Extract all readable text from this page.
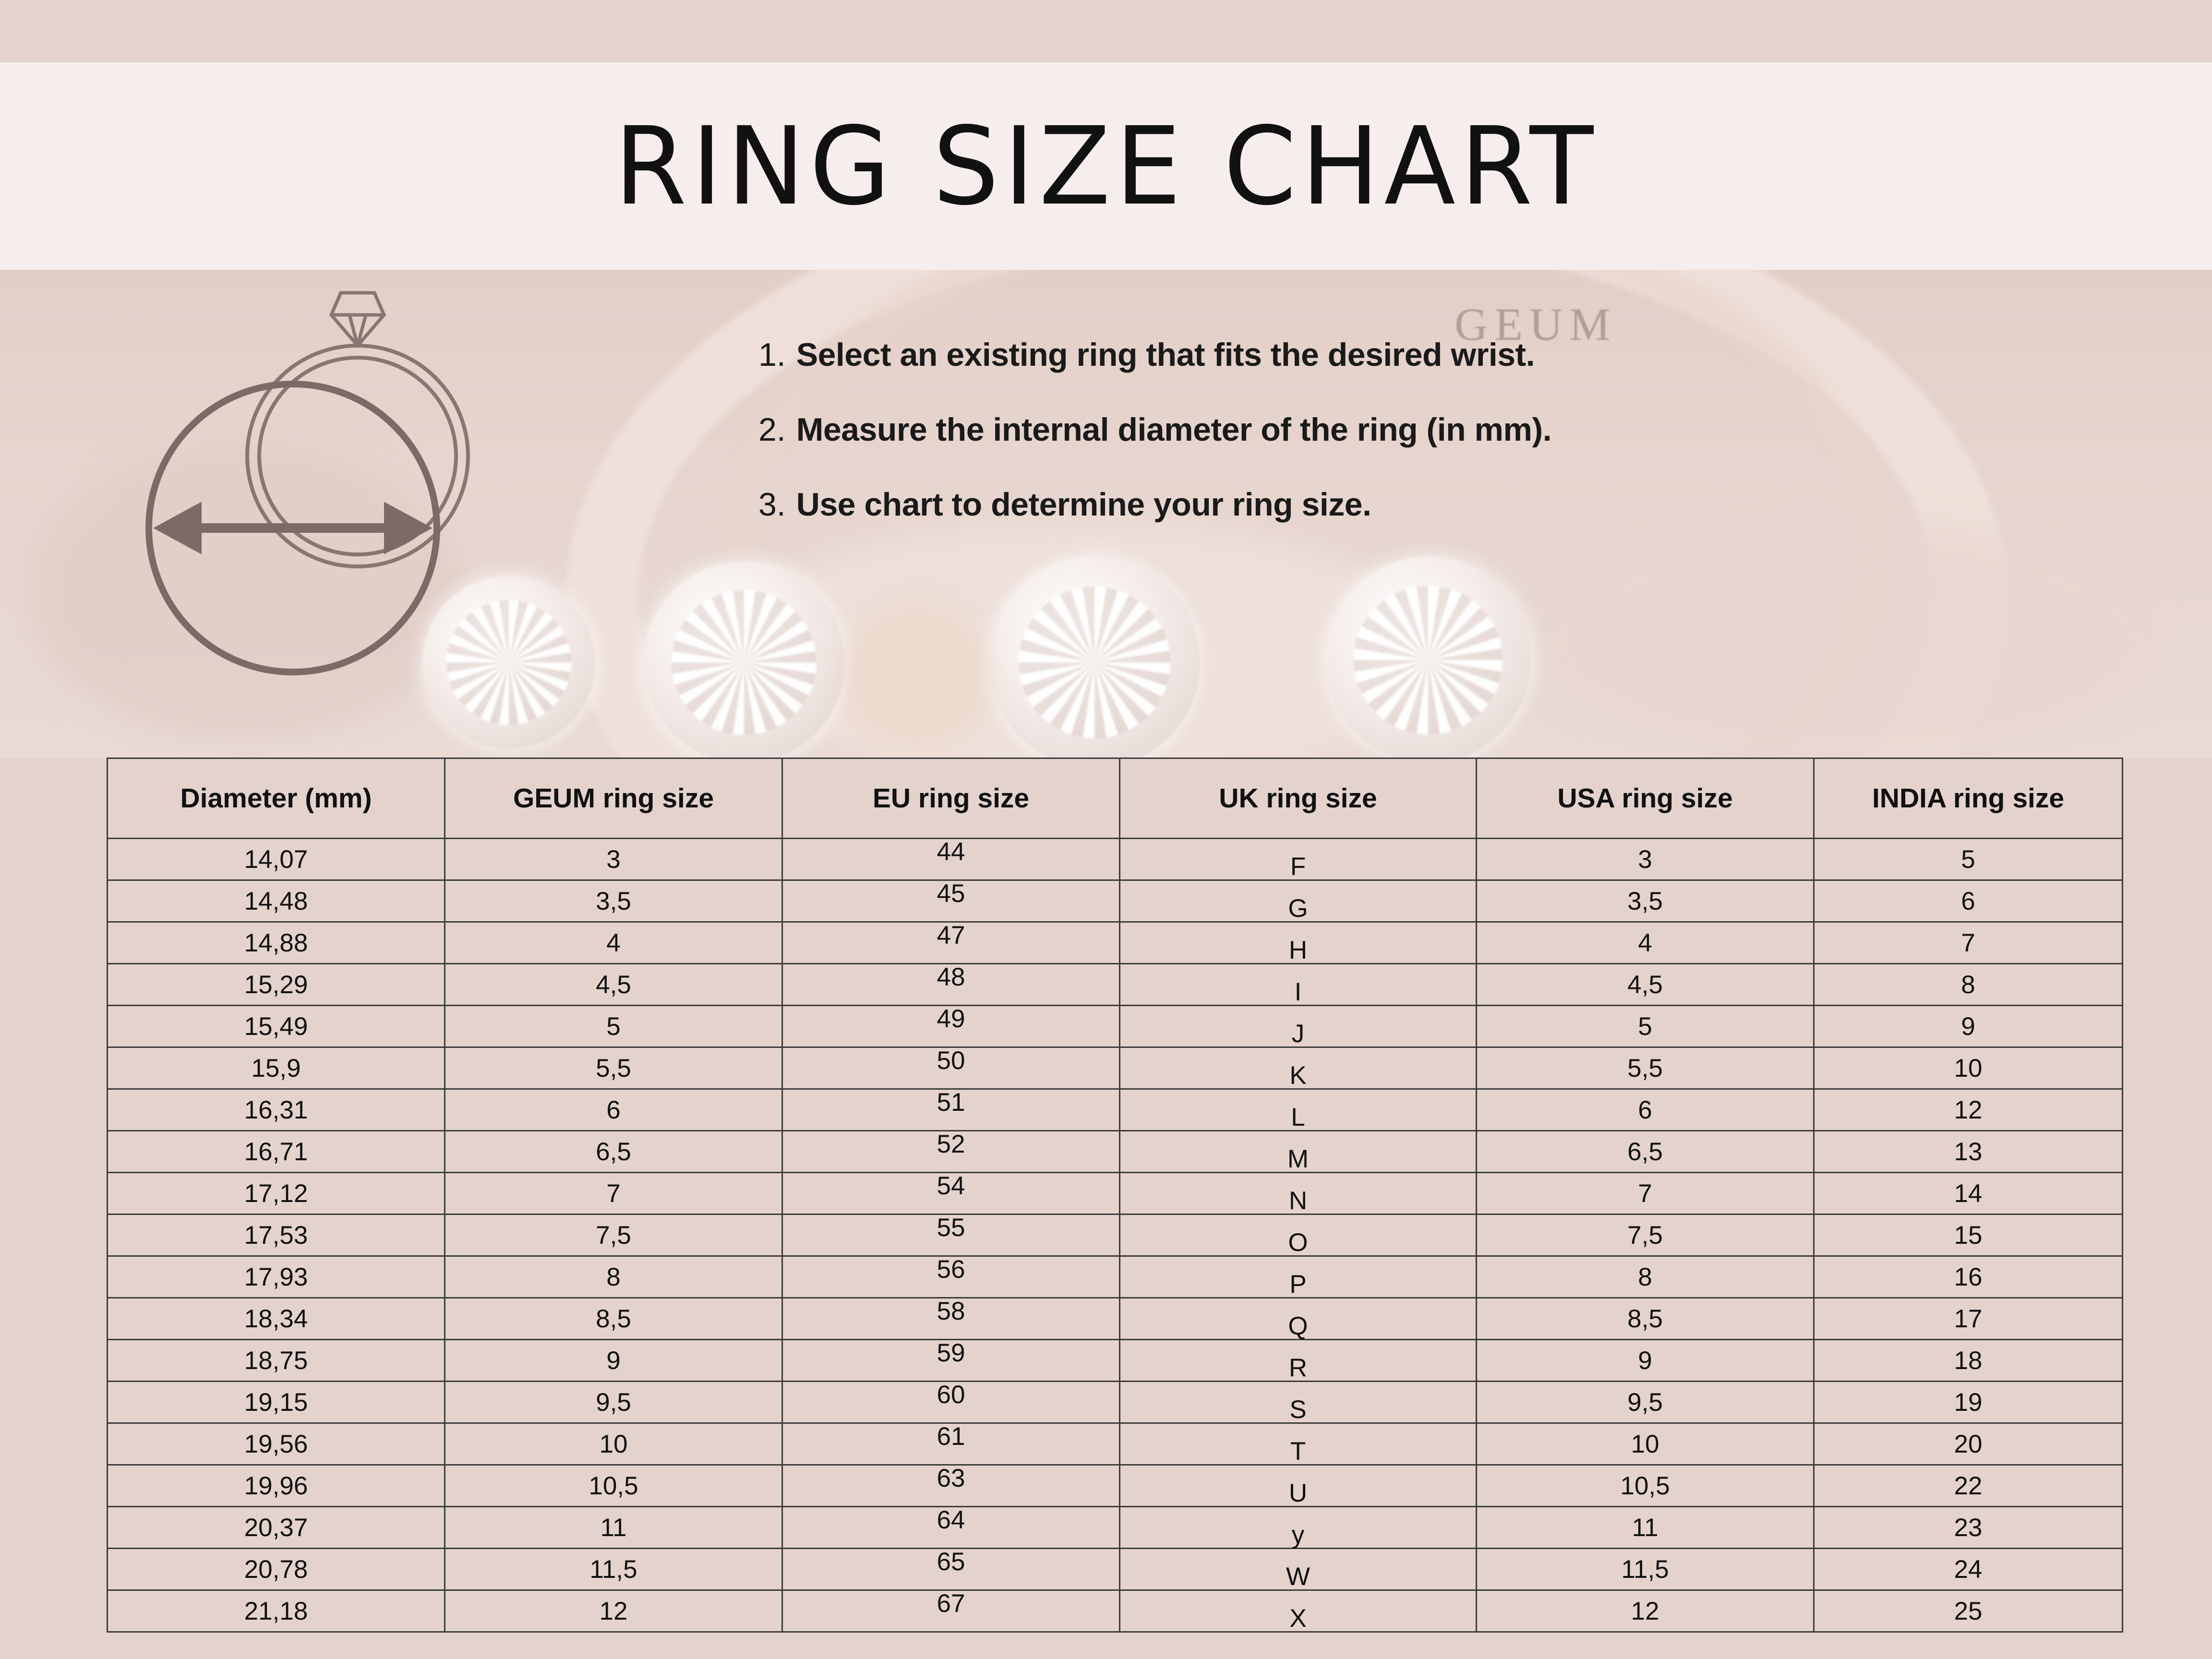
GEUM
RING SIZE CHART
1. Select an existing ring that fits the desired wrist.
2. Measure the internal diameter of the ring (in mm).
3. Use chart to determine your ring size.
Diameter (mm)	GEUM ring size	EU ring size	UK ring size	USA ring size	INDIA ring size
14,07	3	44	F	3	5
14,48	3,5	45	G	3,5	6
14,88	4	47	H	4	7
15,29	4,5	48	I	4,5	8
15,49	5	49	J	5	9
15,9	5,5	50	K	5,5	10
16,31	6	51	L	6	12
16,71	6,5	52	M	6,5	13
17,12	7	54	N	7	14
17,53	7,5	55	O	7,5	15
17,93	8	56	P	8	16
18,34	8,5	58	Q	8,5	17
18,75	9	59	R	9	18
19,15	9,5	60	S	9,5	19
19,56	10	61	T	10	20
19,96	10,5	63	U	10,5	22
20,37	11	64	y	11	23
20,78	11,5	65	W	11,5	24
21,18	12	67	X	12	25
